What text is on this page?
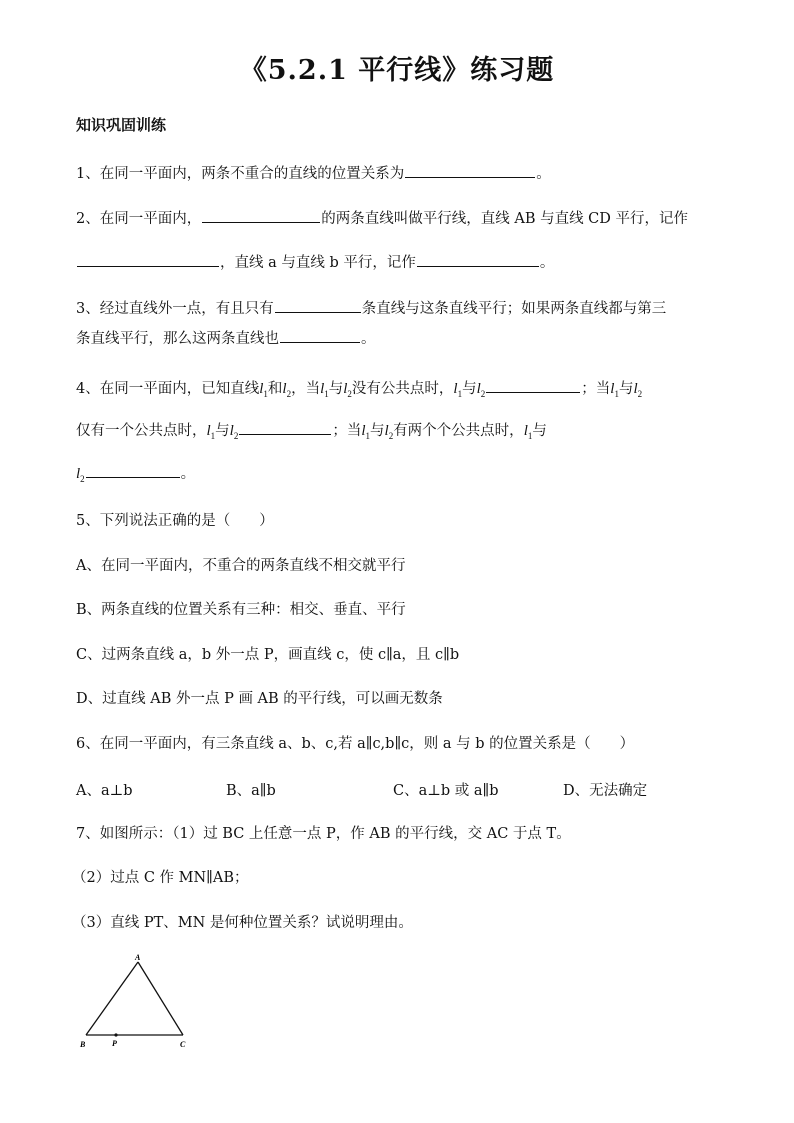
《5.2.1 平行线》练习题
知识巩固训练
1、在同一平面内，两条不重合的直线的位置关系为	。
2、在同一平面内，	的两条直线叫做平行线，直线 AB 与直线 CD 平行，记作
，直线 a 与直线 b 平行，记作	。
3、经过直线外一点，有且只有	条直线与这条直线平行；如果两条直线都与第三
条直线平行，那么这两条直线也	。
4、在同一平面内，已知直线$l_1$和$l_2$，当$l_1$与$l_2$没有公共点时，$l_1$与$l_2$	；当$l_1$与$l_2$
仅有一个公共点时，$l_1$与$l_2$	；当$l_1$与$l_2$有两个个公共点时，$l_1$与
$l_2$	。
5、下列说法正确的是（　　）
A、在同一平面内，不重合的两条直线不相交就平行
B、两条直线的位置关系有三种：相交、垂直、平行
C、过两条直线 a，b 外一点 P，画直线 c，使 c∥a，且 c∥b
D、过直线 AB 外一点 P 画 AB 的平行线，可以画无数条
6、在同一平面内，有三条直线 a、b、c,若 a∥c,b∥c，则 a 与 b 的位置关系是（　　）
A、a⊥b	B、a∥b	C、a⊥b 或 a∥b	D、无法确定
7、如图所示：（1）过 BC 上任意一点 P，作 AB 的平行线，交 AC 于点 T。
（2）过点 C 作 MN∥AB；
（3）直线 PT、MN 是何种位置关系？试说明理由。
A
B	P	C
